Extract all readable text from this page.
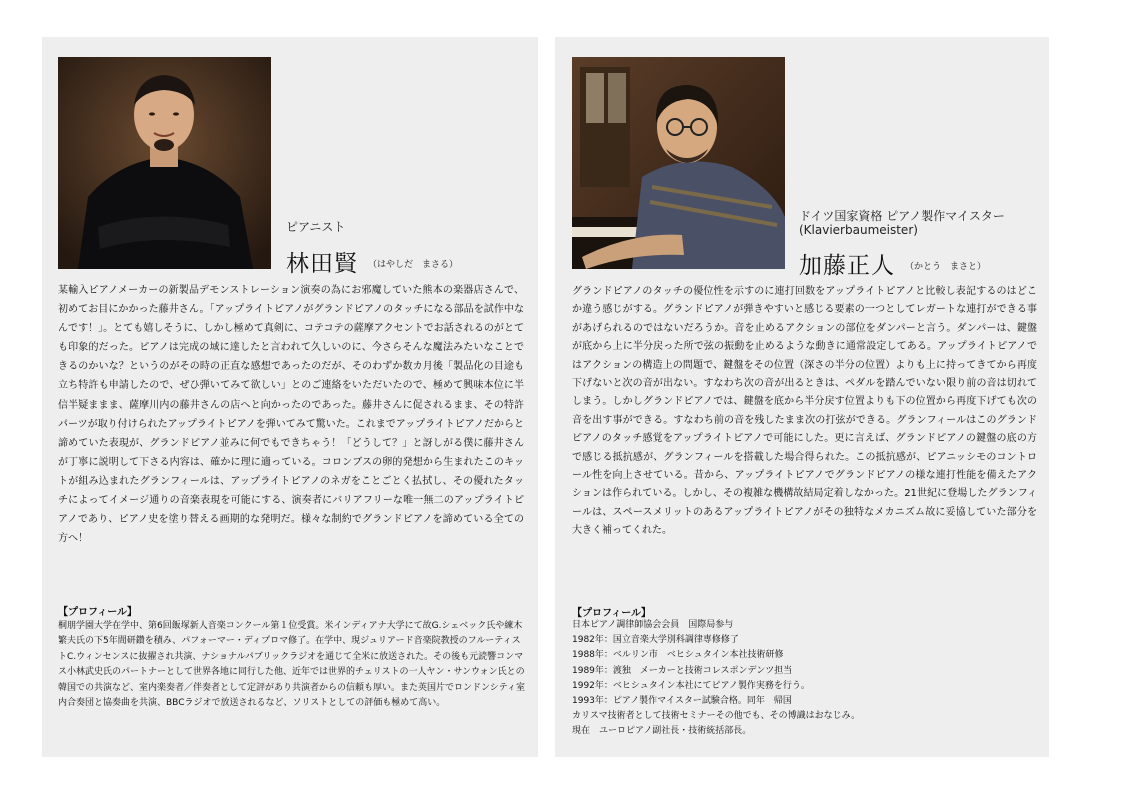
ピアニスト
林田賢 $^{(はやしだ まさる)}$
某輸入ピアノメーカーの新製品デモンストレーション演奏の為にお邪魔していた熊本の楽器店さんで、初めてお目にかかった藤井さん。「アップライトピアノがグランドピアノのタッチになる部品を試作中なんです！」。とても嬉しそうに、しかし極めて真剣に、コテコテの薩摩アクセントでお話されるのがとても印象的だった。ピアノは完成の域に達したと言われて久しいのに、今さらそんな魔法みたいなことできるのかいな？というのがその時の正直な感想であったのだが、そのわずか数カ月後「製品化の目途も立ち特許も申請したので、ぜひ弾いてみて欲しい」とのご連絡をいただいたので、極めて興味本位に半信半疑ままま、薩摩川内の藤井さんの店へと向かったのであった。藤井さんに促されるまま、その特許パーツが取り付けられたアップライトピアノを弾いてみて驚いた。これまでアップライトピアノだからと諦めていた表現が、グランドピアノ並みに何でもできちゃう！「どうして？」と訝しがる僕に藤井さんが丁寧に説明して下さる内容は、確かに理に適っている。コロンブスの卵的発想から生まれたこのキットが組み込まれたグランフィールは、アップライトピアノのネガをことごとく払拭し、その優れたタッチによってイメージ通りの音楽表現を可能にする、演奏者にバリアフリーな唯一無二のアップライトピアノであり、ピアノ史を塗り替える画期的な発明だ。様々な制約でグランドピアノを諦めている全ての方へ！
【プロフィール】
桐朋学園大学在学中、第6回飯塚新人音楽コンクール第１位受賞。米インディアナ大学にて故G.シェベック氏や練木繁夫氏の下5年間研鑽を積み、パフォーマー・ディプロマ修了。在学中、現ジュリアード音楽院教授のフルーティストC.ウィンセンスに抜擢され共演、ナショナルパブリックラジオを通じて全米に放送された。その後も元読響コンマス小林武史氏のパートナーとして世界各地に同行した他、近年では世界的チェリストの一人ヤン・サンウォン氏との韓国での共演など、室内楽奏者／伴奏者として定評があり共演者からの信頼も厚い。また英国片でロンドンシティ室内合奏団と協奏曲を共演、BBCラジオで放送されるなど、ソリストとしての評価も極めて高い。
ドイツ国家資格 ピアノ製作マイスター
(Klavierbaumeister)
加藤正人 $^{(かとう まさと)}$
グランドピアノのタッチの優位性を示すのに連打回数をアップライトピアノと比較し表記するのはどこか違う感じがする。グランドピアノが弾きやすいと感じる要素の一つとしてレガートな連打ができる事があげられるのではないだろうか。音を止めるアクションの部位をダンパーと言う。ダンパーは、鍵盤が底から上に半分戻った所で弦の振動を止めるような動きに通常設定してある。アップライトピアノではアクションの構造上の問題で、鍵盤をその位置（深さの半分の位置）よりも上に持ってきてから再度下げないと次の音が出ない。すなわち次の音が出るときは、ペダルを踏んでいない限り前の音は切れてしまう。しかしグランドピアノでは、鍵盤を底から半分戻す位置よりも下の位置から再度下げても次の音を出す事ができる。すなわち前の音を残したまま次の打弦ができる。グランフィールはこのグランドピアノのタッチ感覚をアップライトピアノで可能にした。更に言えば、グランドピアノの鍵盤の底の方で感じる抵抗感が、グランフィールを搭載した場合得られた。この抵抗感が、ピアニッシモのコントロール性を向上させている。昔から、アップライトピアノでグランドピアノの様な連打性能を備えたアクションは作られている。しかし、その複雑な機構故結局定着しなかった。21世紀に登場したグランフィールは、スペースメリットのあるアップライトピアノがその独特なメカニズム故に妥協していた部分を大きく補ってくれた。
【プロフィール】
日本ピアノ調律師協会会員　国際局参与
1982年：国立音楽大学別科調律専修修了
1988年：ベルリン市　ベヒシュタイン本社技術研修
1989年：渡独　メーカーと技術コレスポンデンツ担当
1992年：ベヒシュタイン本社にてピアノ製作実務を行う。
1993年：ピアノ製作マイスター試験合格。同年　帰国
カリスマ技術者として技術セミナーその他でも、その博識はおなじみ。
現在　ユーロピアノ副社長・技術統括部長。
